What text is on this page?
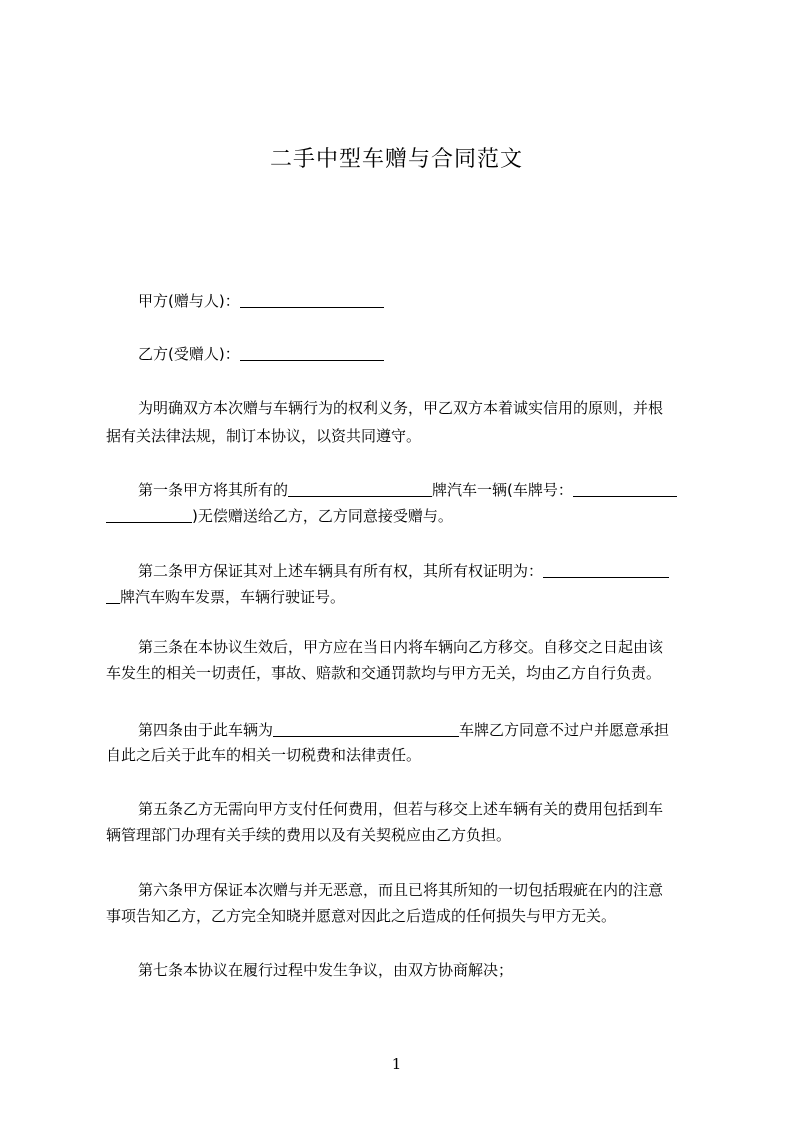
二手中型车赠与合同范文
甲方(赠与人)：
乙方(受赠人)：
为明确双方本次赠与车辆行为的权利义务，甲乙双方本着诚实信用的原则，并根
据有关法律法规，制订本协议，以资共同遵守。
第一条甲方将其所有的	牌汽车一辆(车牌号：
)无偿赠送给乙方，乙方同意接受赠与。
第二条甲方保证其对上述车辆具有所有权，其所有权证明为：
牌汽车购车发票，车辆行驶证号。
第三条在本协议生效后，甲方应在当日内将车辆向乙方移交。自移交之日起由该
车发生的相关一切责任，事故、赔款和交通罚款均与甲方无关，均由乙方自行负责。
第四条由于此车辆为	车牌乙方同意不过户并愿意承担
自此之后关于此车的相关一切税费和法律责任。
第五条乙方无需向甲方支付任何费用，但若与移交上述车辆有关的费用包括到车
辆管理部门办理有关手续的费用以及有关契税应由乙方负担。
第六条甲方保证本次赠与并无恶意，而且已将其所知的一切包括瑕疵在内的注意
事项告知乙方，乙方完全知晓并愿意对因此之后造成的任何损失与甲方无关。
第七条本协议在履行过程中发生争议，由双方协商解决；
1
